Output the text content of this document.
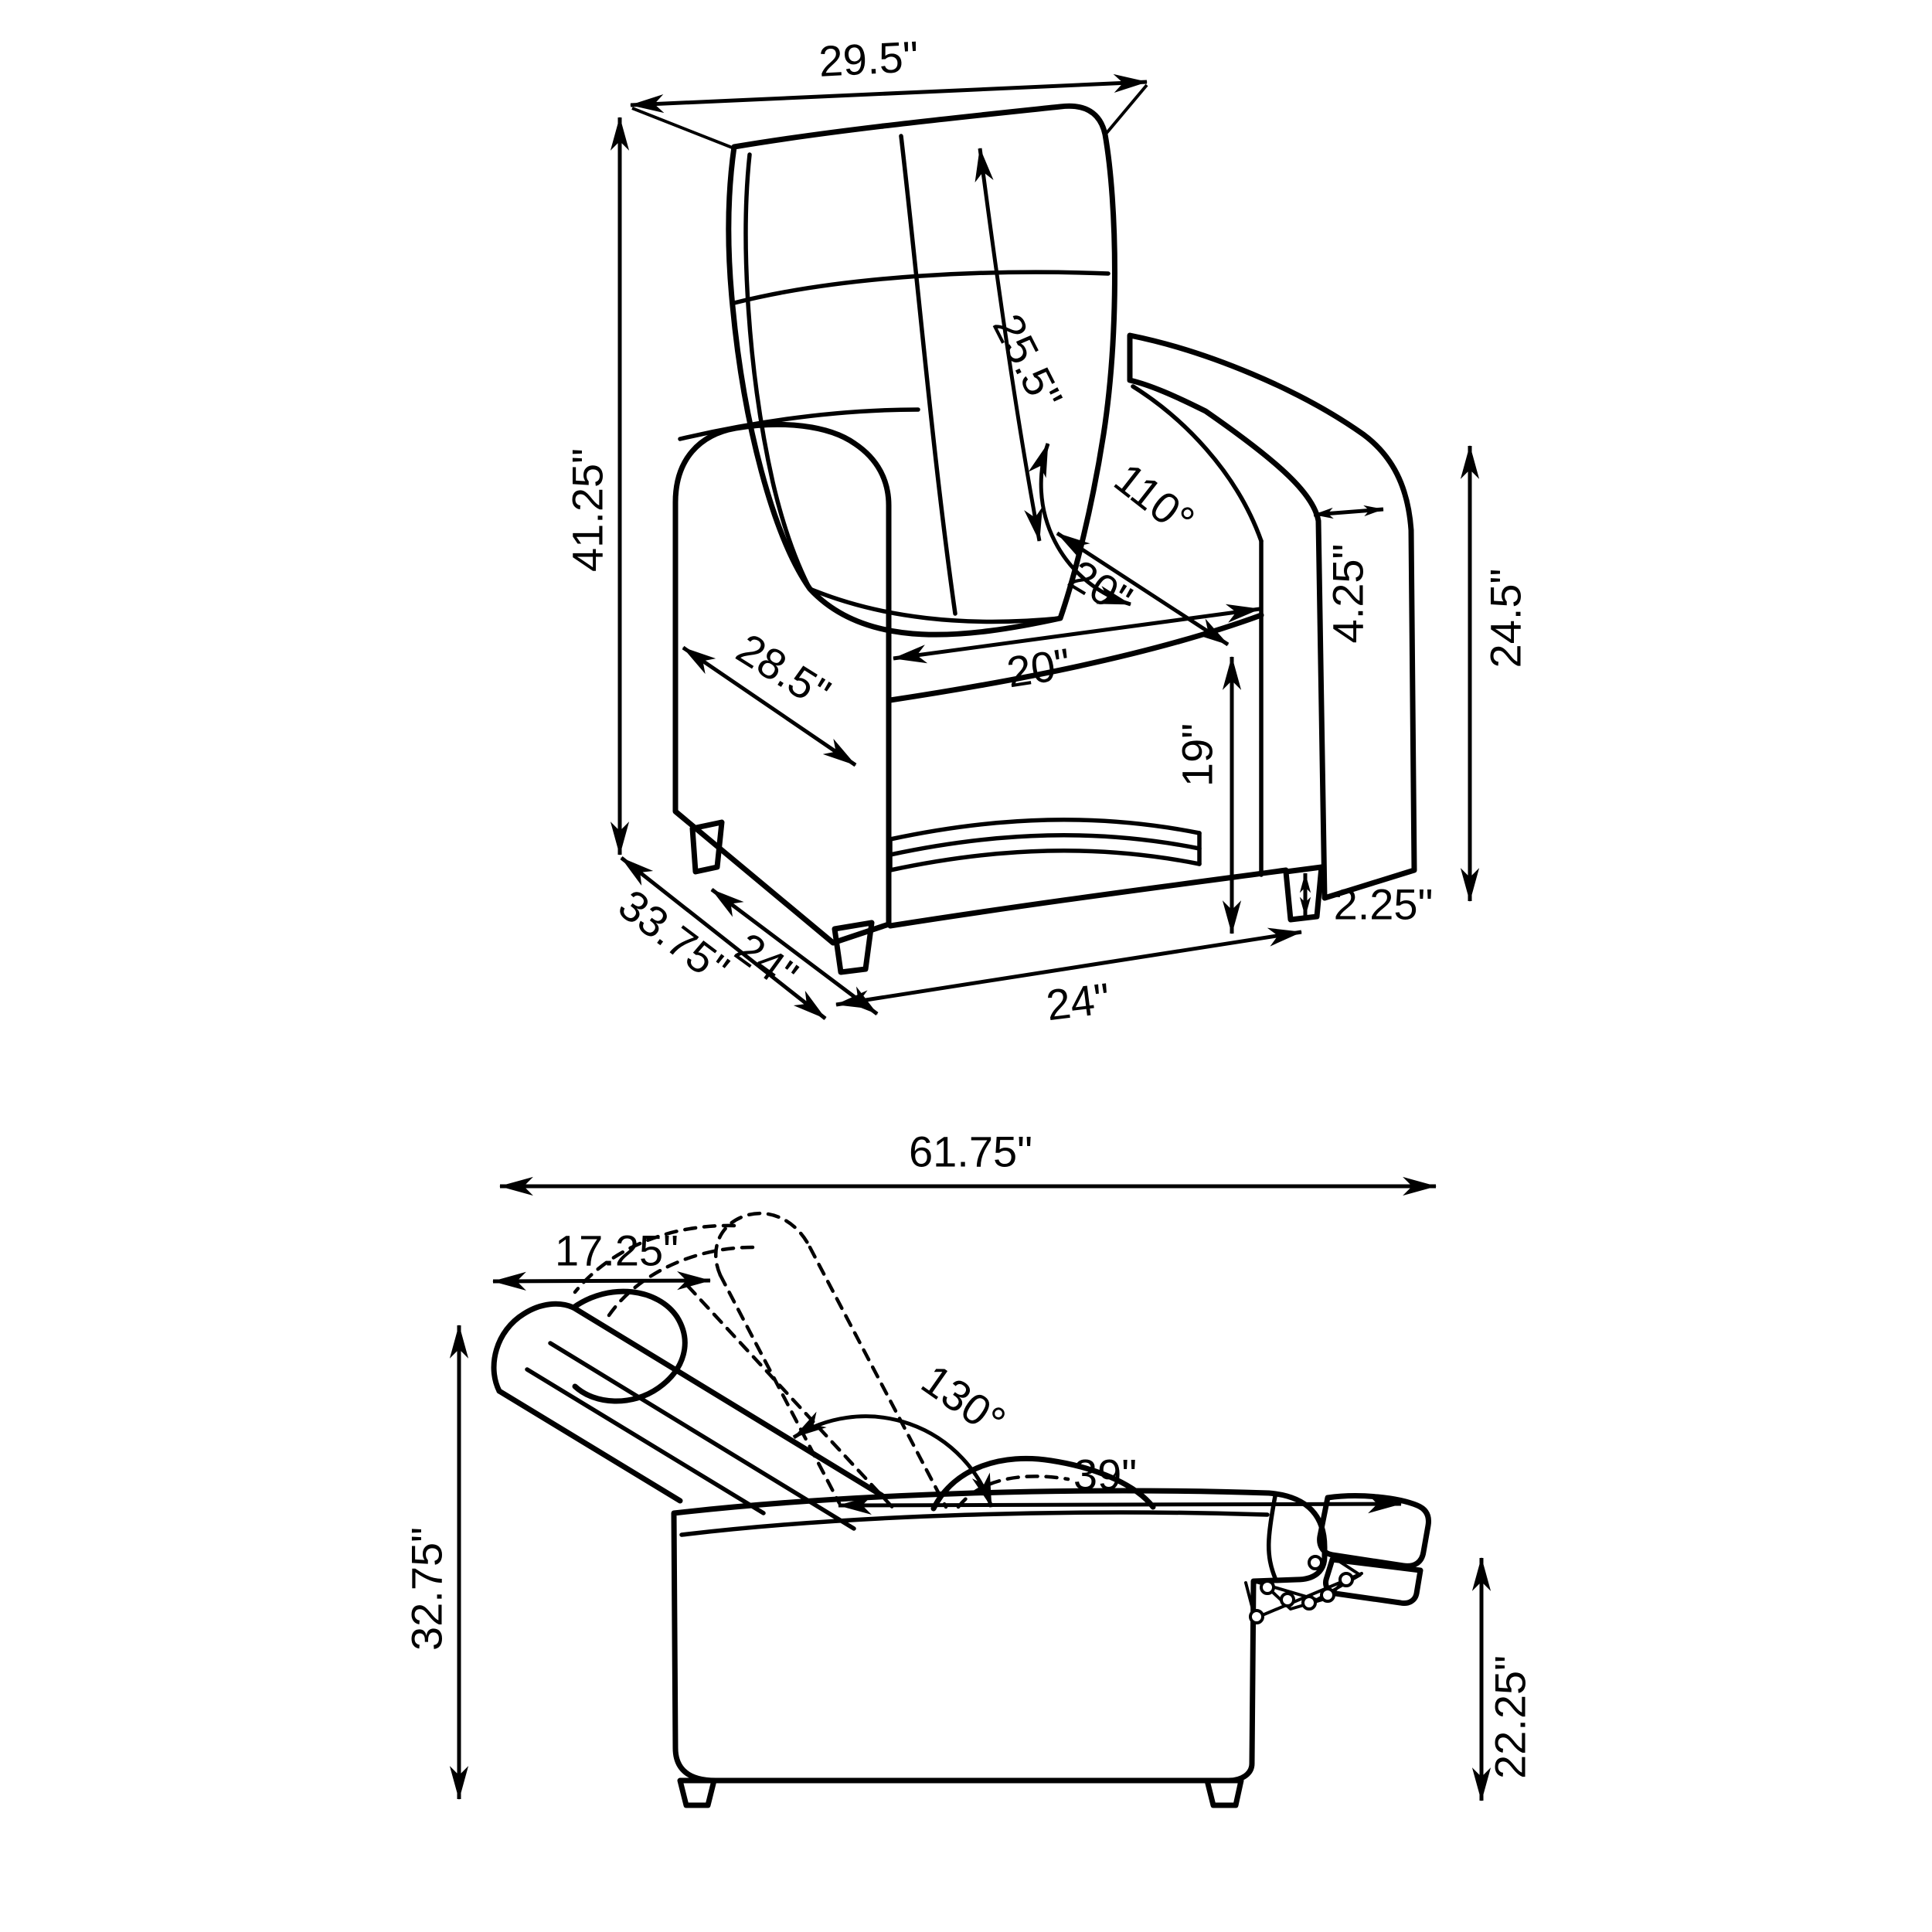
29.5"
41.25"
33.75"
24"
24"
25.5"
110°
20"
20"
28.5"
4.25"	24.5"
19"
2.25"
61.75"
17.25"
32.75"
130°
39"
22.25"
